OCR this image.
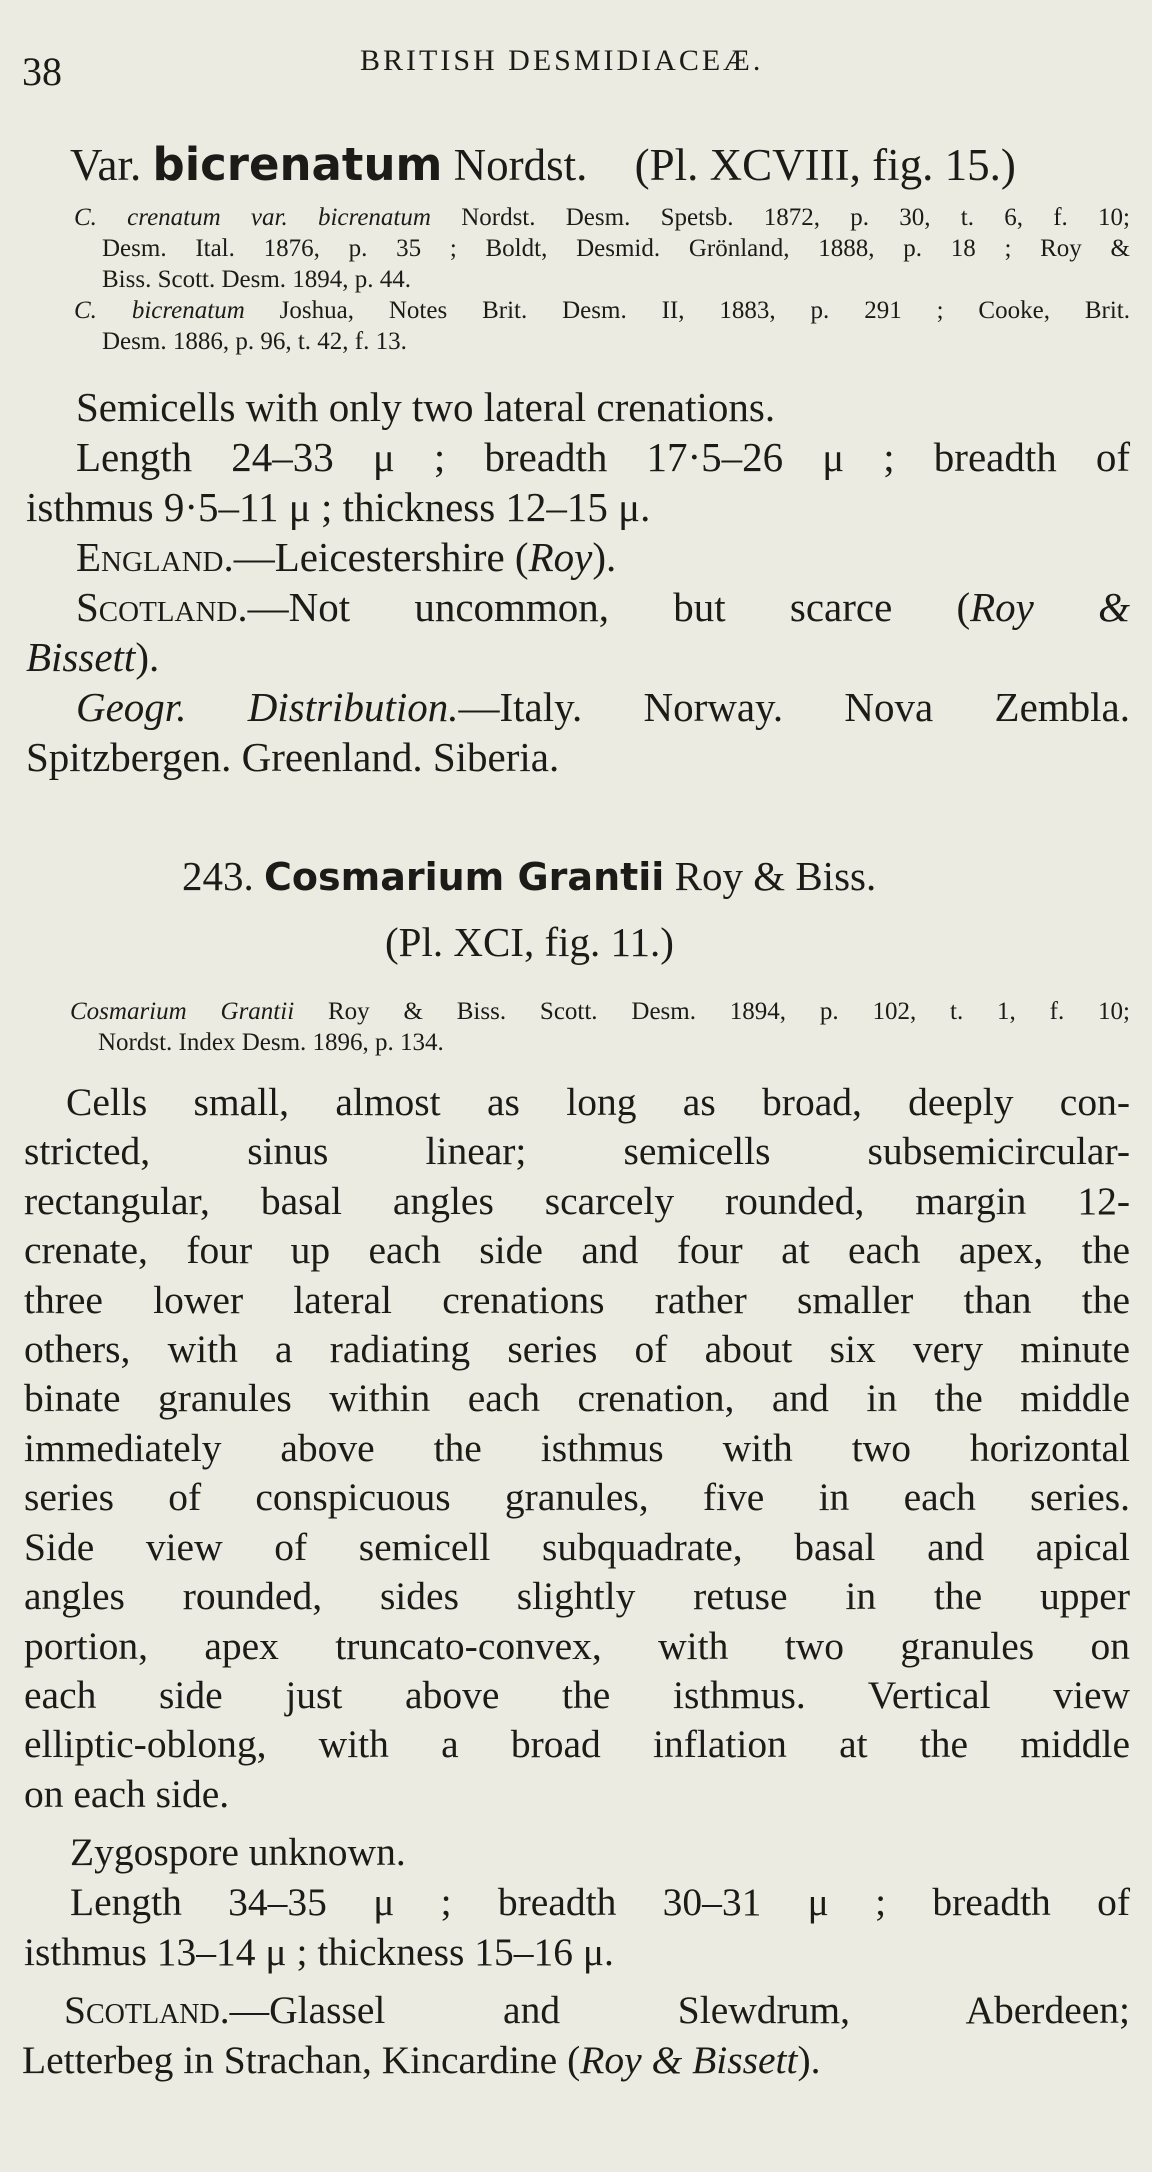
38	BRITISH DESMIDIACEÆ.
Var. bicrenatum Nordst. (Pl. XCVIII, fig. 15.)
C. crenatum var. bicrenatum Nordst. Desm. Spetsb. 1872, p. 30, t. 6, f. 10;
Desm. Ital. 1876, p. 35 ; Boldt, Desmid. Grönland, 1888, p. 18 ; Roy &
Biss. Scott. Desm. 1894, p. 44.
C. bicrenatum Joshua, Notes Brit. Desm. II, 1883, p. 291 ; Cooke, Brit.
Desm. 1886, p. 96, t. 42, f. 13.
Semicells with only two lateral crenations.
Length 24–33 μ ; breadth 17·5–26 μ ; breadth of
isthmus 9·5–11 μ ; thickness 12–15 μ.
England.—Leicestershire (Roy).
Scotland.—Not uncommon, but scarce (Roy &
Bissett).
Geogr. Distribution.—Italy. Norway. Nova Zembla.
Spitzbergen. Greenland. Siberia.
243. Cosmarium Grantii Roy & Biss.
(Pl. XCI, fig. 11.)
Cosmarium Grantii Roy & Biss. Scott. Desm. 1894, p. 102, t. 1, f. 10;
Nordst. Index Desm. 1896, p. 134.
Cells small, almost as long as broad, deeply con-
stricted, sinus linear; semicells subsemicircular-
rectangular, basal angles scarcely rounded, margin 12-
crenate, four up each side and four at each apex, the
three lower lateral crenations rather smaller than the
others, with a radiating series of about six very minute
binate granules within each crenation, and in the middle
immediately above the isthmus with two horizontal
series of conspicuous granules, five in each series.
Side view of semicell subquadrate, basal and apical
angles rounded, sides slightly retuse in the upper
portion, apex truncato-convex, with two granules on
each side just above the isthmus. Vertical view
elliptic-oblong, with a broad inflation at the middle
on each side.
Zygospore unknown.
Length 34–35 μ ; breadth 30–31 μ ; breadth of
isthmus 13–14 μ ; thickness 15–16 μ.
Scotland.—Glassel and Slewdrum, Aberdeen;
Letterbeg in Strachan, Kincardine (Roy & Bissett).
